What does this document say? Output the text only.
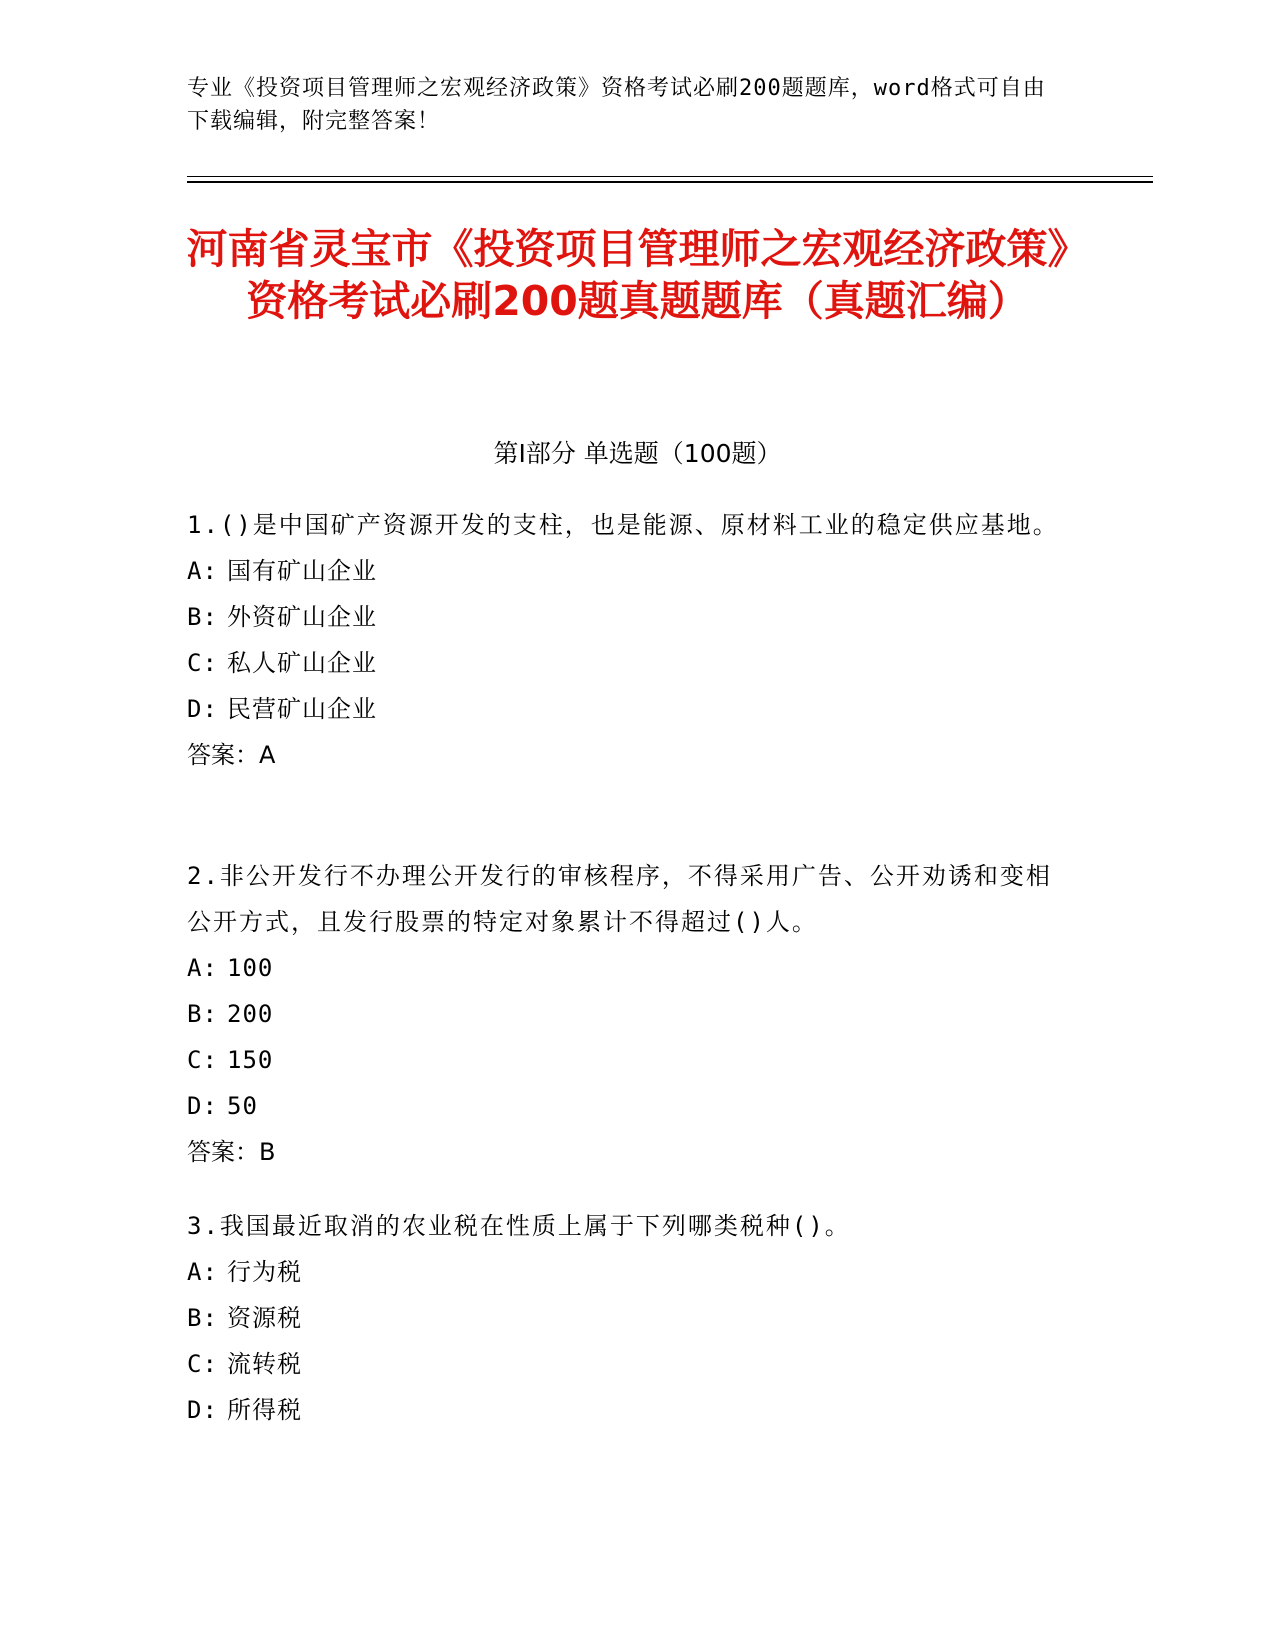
专业《投资项目管理师之宏观经济政策》资格考试必刷200题题库，word格式可自由下载编辑，附完整答案！
河南省灵宝市《投资项目管理师之宏观经济政策》资格考试必刷200题真题题库（真题汇编）
第I部分 单选题（100题）
1.()是中国矿产资源开发的支柱，也是能源、原材料工业的稳定供应基地。
A: 国有矿山企业
B: 外资矿山企业
C: 私人矿山企业
D: 民营矿山企业
答案：A
2.非公开发行不办理公开发行的审核程序，不得采用广告、公开劝诱和变相公开方式，且发行股票的特定对象累计不得超过()人。
A: 100
B: 200
C: 150
D: 50
答案：B
3.我国最近取消的农业税在性质上属于下列哪类税种()。
A: 行为税
B: 资源税
C: 流转税
D: 所得税
